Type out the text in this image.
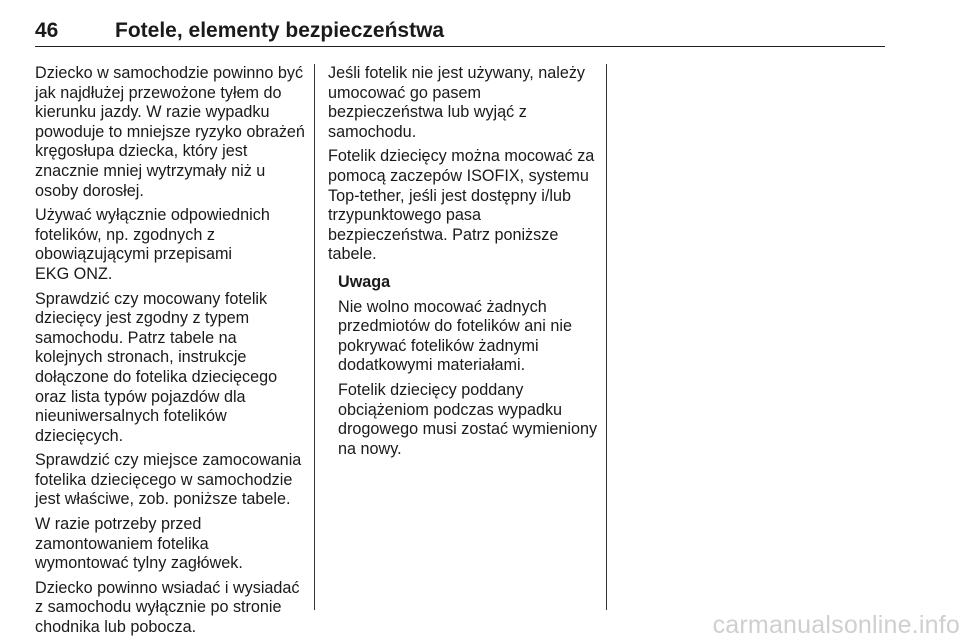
46	Fotele, elementy bezpieczeństwa

Dziecko w samochodzie powinno być
jak najdłużej przewożone tyłem do
kierunku jazdy. W razie wypadku
powoduje to mniejsze ryzyko obrażeń
kręgosłupa dziecka, który jest
znacznie mniej wytrzymały niż u
osoby dorosłej.

Używać wyłącznie odpowiednich
fotelików, np. zgodnych z
obowiązującymi przepisami
EKG ONZ.

Sprawdzić czy mocowany fotelik
dziecięcy jest zgodny z typem
samochodu. Patrz tabele na
kolejnych stronach, instrukcje
dołączone do fotelika dziecięcego
oraz lista typów pojazdów dla
nieuniwersalnych fotelików
dziecięcych.

Sprawdzić czy miejsce zamocowania
fotelika dziecięcego w samochodzie
jest właściwe, zob. poniższe tabele.

W razie potrzeby przed
zamontowaniem fotelika
wymontować tylny zagłówek.

Dziecko powinno wsiadać i wysiadać
z samochodu wyłącznie po stronie
chodnika lub pobocza.

Jeśli fotelik nie jest używany, należy
umocować go pasem
bezpieczeństwa lub wyjąć z
samochodu.

Fotelik dziecięcy można mocować za
pomocą zaczepów ISOFIX, systemu
Top-tether, jeśli jest dostępny i/lub
trzypunktowego pasa
bezpieczeństwa. Patrz poniższe
tabele.

Uwaga

Nie wolno mocować żadnych
przedmiotów do fotelików ani nie
pokrywać fotelików żadnymi
dodatkowymi materiałami.

Fotelik dziecięcy poddany
obciążeniom podczas wypadku
drogowego musi zostać wymieniony
na nowy.

carmanualsonline.info
